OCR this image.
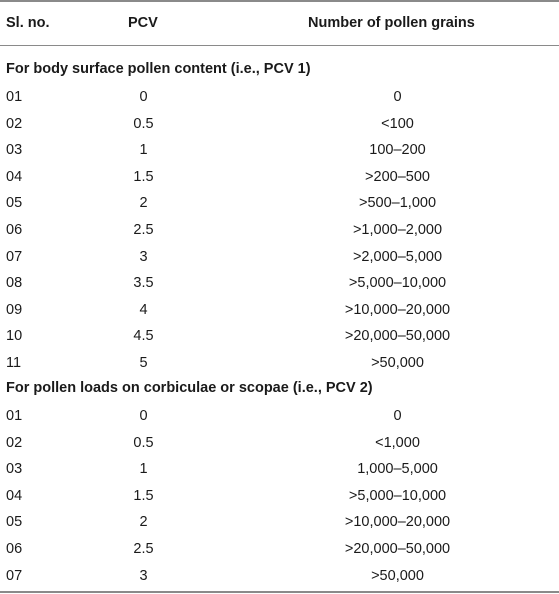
Sl. no.	PCV	Number of pollen grains
For body surface pollen content (i.e., PCV 1)
01	0	0
02	0.5	<100
03	1	100–200
04	1.5	>200–500
05	2	>500–1,000
06	2.5	>1,000–2,000
07	3	>2,000–5,000
08	3.5	>5,000–10,000
09	4	>10,000–20,000
10	4.5	>20,000–50,000
11	5	>50,000
For pollen loads on corbiculae or scopae (i.e., PCV 2)
01	0	0
02	0.5	<1,000
03	1	1,000–5,000
04	1.5	>5,000–10,000
05	2	>10,000–20,000
06	2.5	>20,000–50,000
07	3	>50,000
